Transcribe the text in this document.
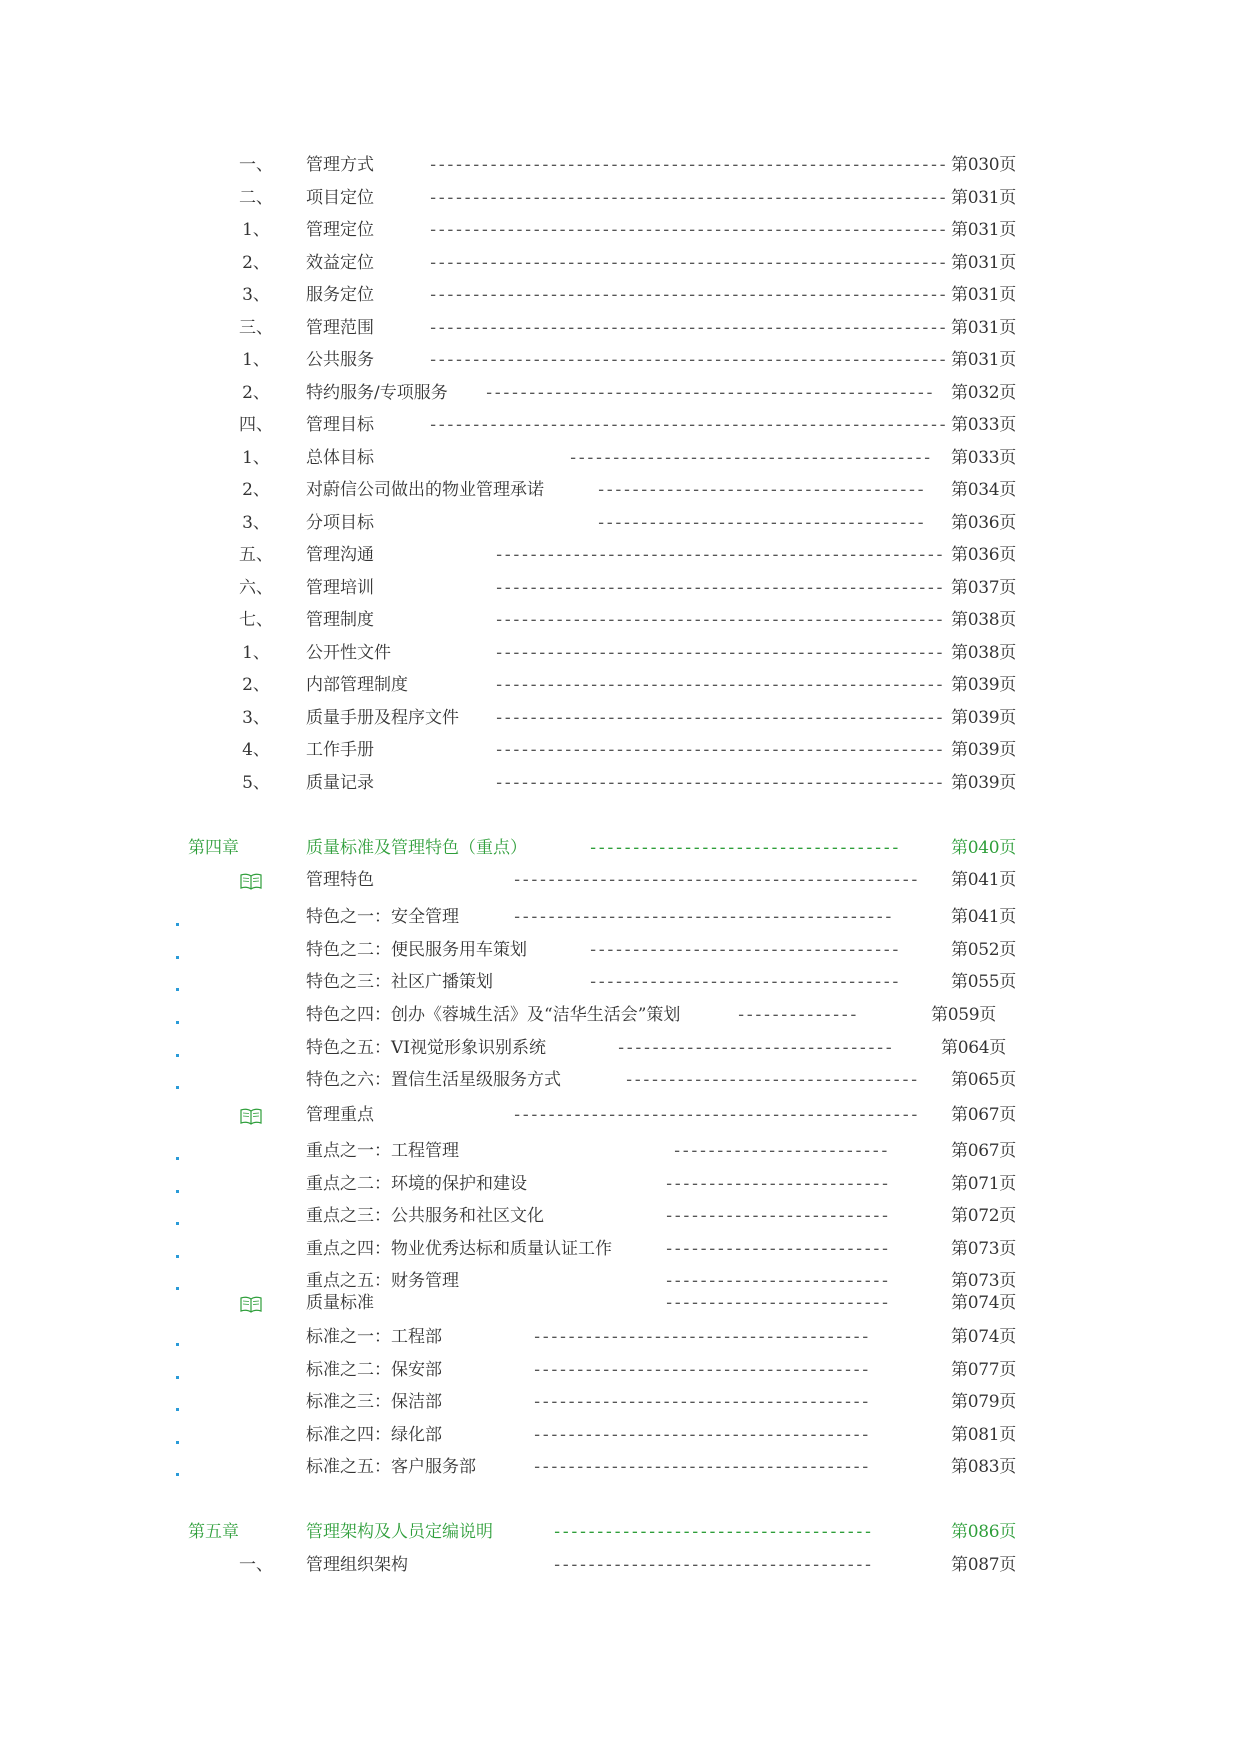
一、 管理方式	------------------------------------------------------------ 第030页
二、 项目定位	------------------------------------------------------------ 第031页
1、 管理定位	------------------------------------------------------------ 第031页
2、 效益定位	------------------------------------------------------------ 第031页
3、 服务定位	------------------------------------------------------------ 第031页
三、 管理范围	------------------------------------------------------------ 第031页
1、 公共服务	------------------------------------------------------------ 第031页
2、 特约服务/专项服务 ----------------------------------------------------	第032页
四、 管理目标	------------------------------------------------------------ 第033页
1、 总体目标	------------------------------------------	第033页
2、 对蔚信公司做出的物业管理承诺	--------------------------------------	第034页
3、 分项目标	--------------------------------------	第036页
五、 管理沟通	---------------------------------------------------- 第036页
六、 管理培训	---------------------------------------------------- 第037页
七、 管理制度	---------------------------------------------------- 第038页
1、 公开性文件	---------------------------------------------------- 第038页
2、 内部管理制度	---------------------------------------------------- 第039页
3、 质量手册及程序文件 ---------------------------------------------------- 第039页
4、 工作手册	---------------------------------------------------- 第039页
5、 质量记录	---------------------------------------------------- 第039页
第四章	质量标准及管理特色（重点）	------------------------------------	第040页
管理特色	-----------------------------------------------	第041页
特色之一：安全管理	--------------------------------------------	第041页
特色之二：便民服务用车策划	------------------------------------	第052页
特色之三：社区广播策划	------------------------------------	第055页
特色之四：创办《蓉城生活》及“洁华生活会”策划	--------------	第059页
特色之五：VI视觉形象识别系统	--------------------------------	第064页
特色之六：置信生活星级服务方式	----------------------------------	第065页
管理重点	-----------------------------------------------	第067页
重点之一：工程管理	-------------------------	第067页
重点之二：环境的保护和建设	--------------------------	第071页
重点之三：公共服务和社区文化	--------------------------	第072页
重点之四：物业优秀达标和质量认证工作	--------------------------	第073页
重点之五：财务管理	--------------------------	第073页
质量标准	--------------------------	第074页
标准之一：工程部	---------------------------------------	第074页
标准之二：保安部	---------------------------------------	第077页
标准之三：保洁部	---------------------------------------	第079页
标准之四：绿化部	---------------------------------------	第081页
标准之五：客户服务部	---------------------------------------	第083页
第五章	管理架构及人员定编说明	-------------------------------------	第086页
一、 管理组织架构	-------------------------------------	第087页
